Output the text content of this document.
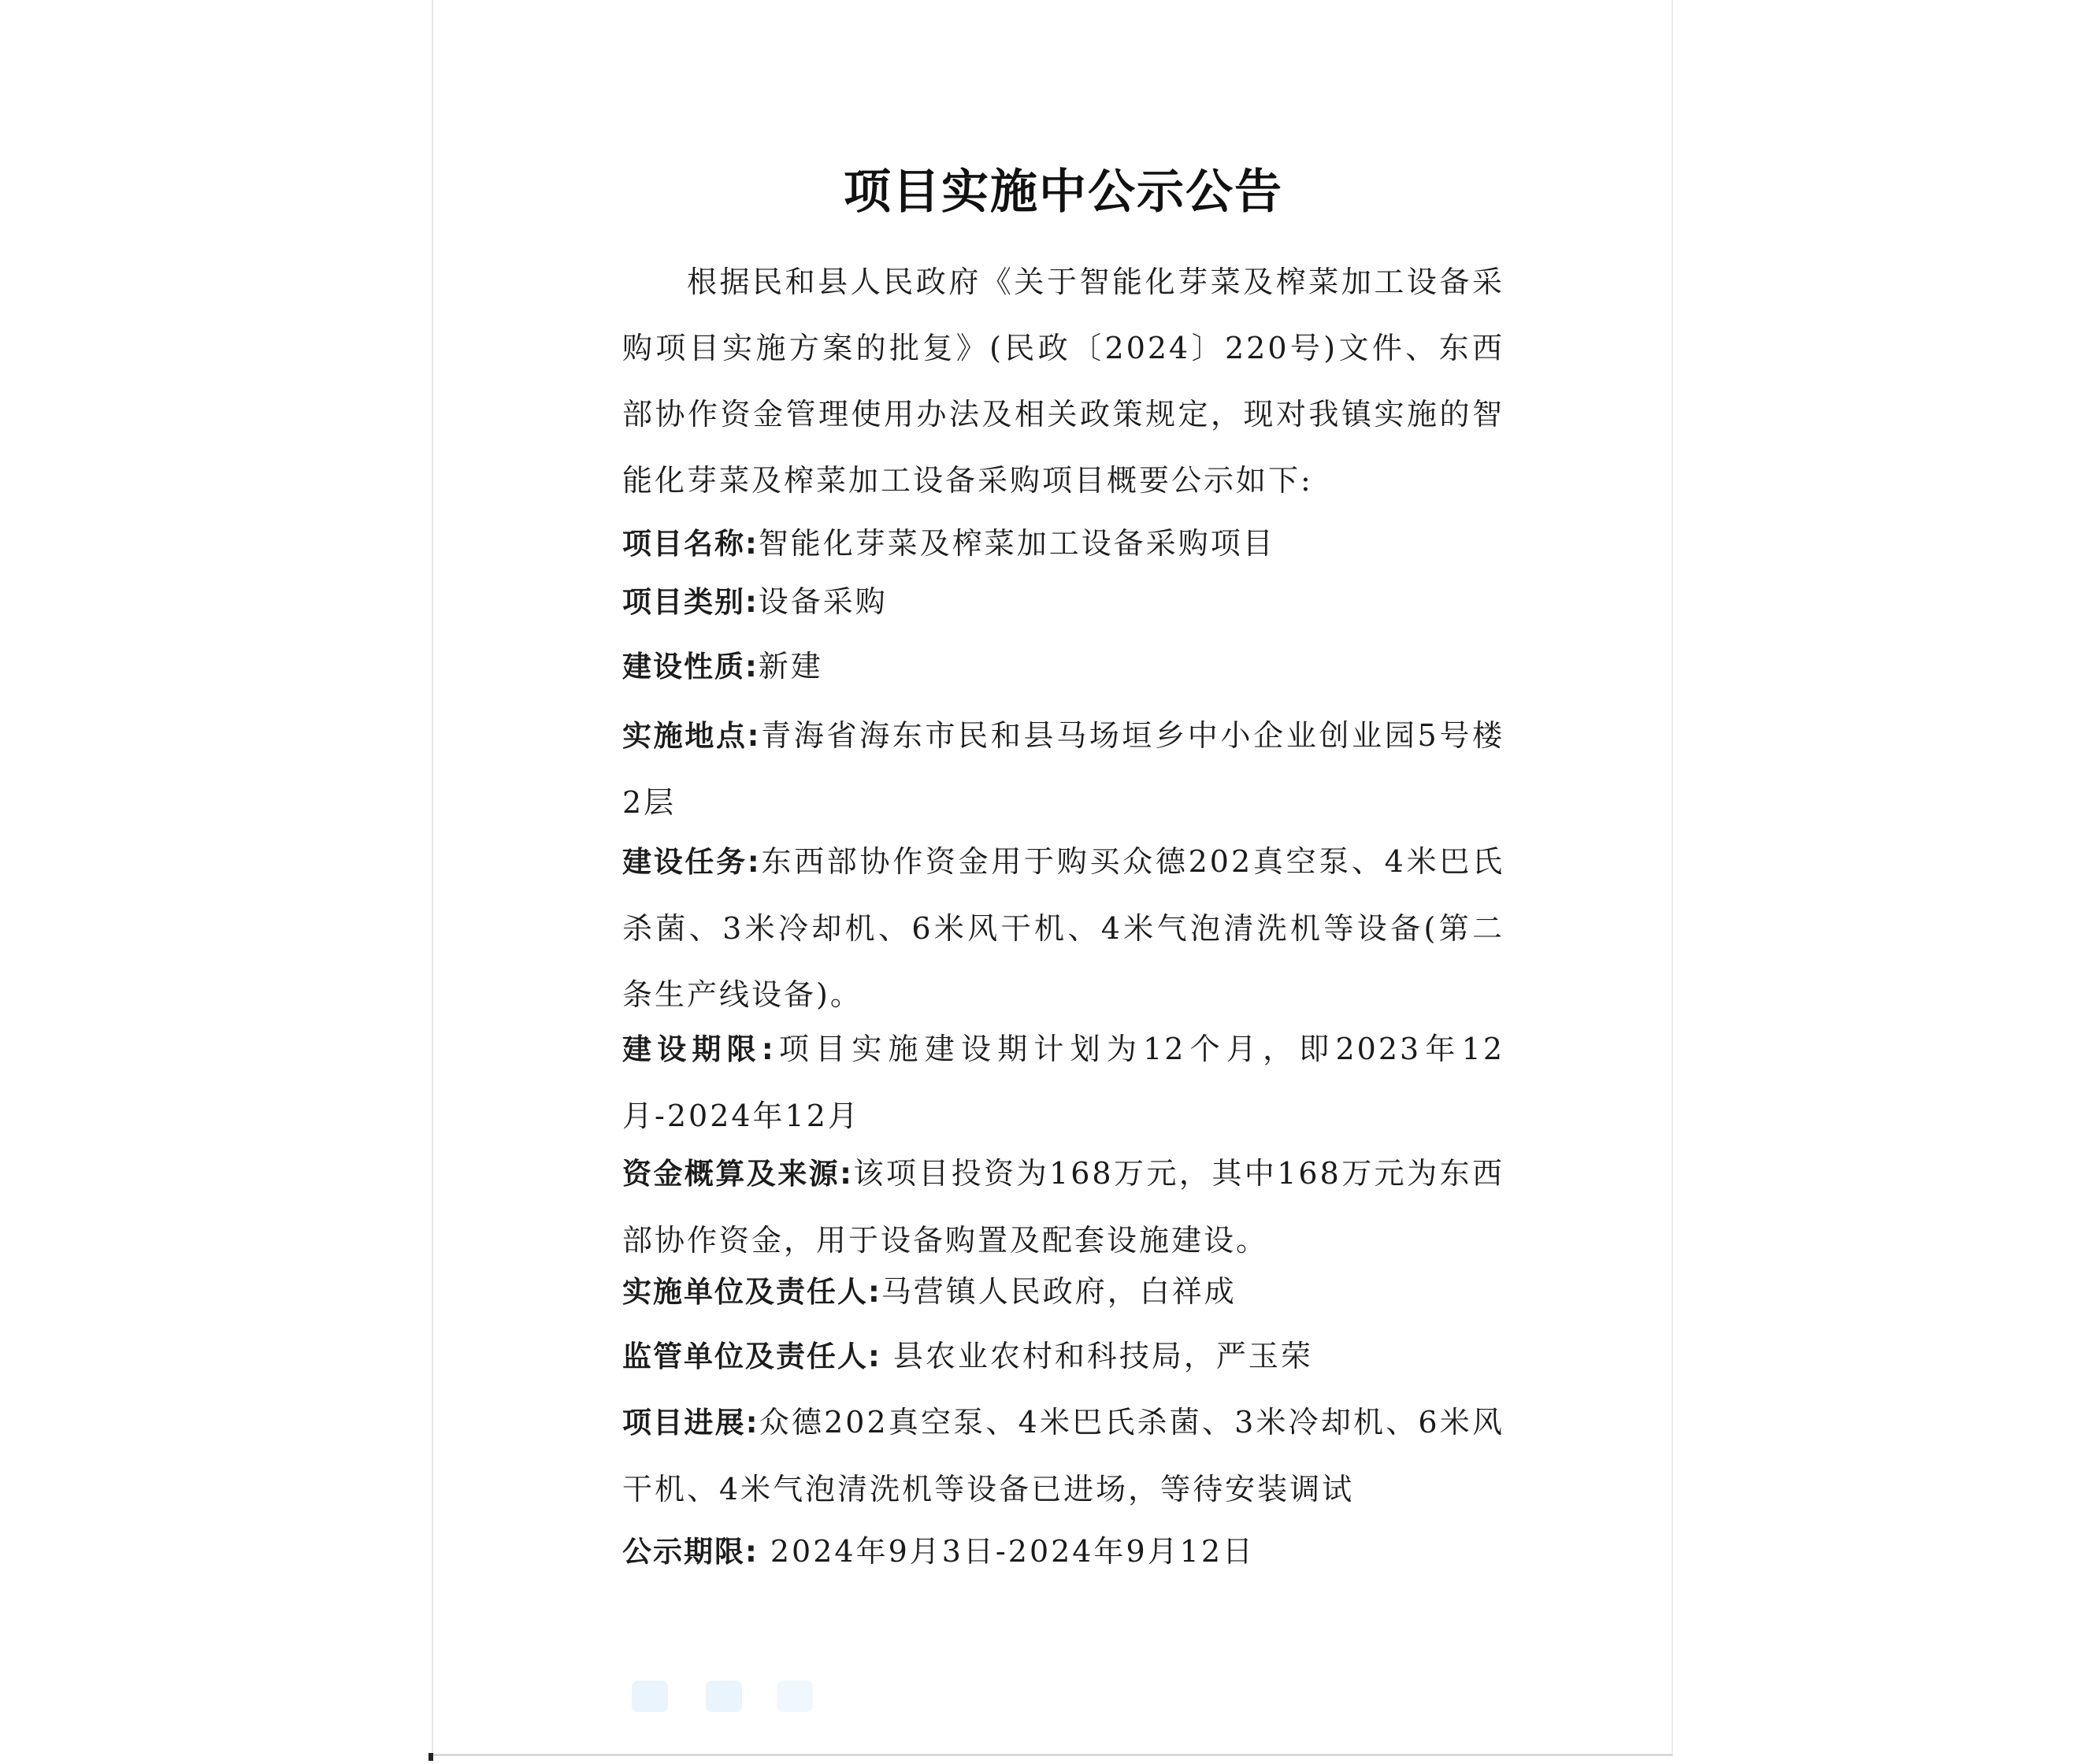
项目实施中公示公告

根据民和县人民政府《关于智能化芽菜及榨菜加工设备采购项目实施方案的批复》(民政〔2024〕220号)文件、东西部协作资金管理使用办法及相关政策规定，现对我镇实施的智能化芽菜及榨菜加工设备采购项目概要公示如下:

项目名称:智能化芽菜及榨菜加工设备采购项目

项目类别:设备采购

建设性质:新建

实施地点:青海省海东市民和县马场垣乡中小企业创业园5号楼2层

建设任务:东西部协作资金用于购买众德202真空泵、4米巴氏杀菌、3米冷却机、6米风干机、4米气泡清洗机等设备(第二条生产线设备)。

建设期限:项目实施建设期计划为12个月，即2023年12月-2024年12月

资金概算及来源:该项目投资为168万元，其中168万元为东西部协作资金，用于设备购置及配套设施建设。

实施单位及责任人:马营镇人民政府，白祥成

监管单位及责任人: 县农业农村和科技局，严玉荣

项目进展:众德202真空泵、4米巴氏杀菌、3米冷却机、6米风干机、4米气泡清洗机等设备已进场，等待安装调试

公示期限: 2024年9月3日-2024年9月12日
